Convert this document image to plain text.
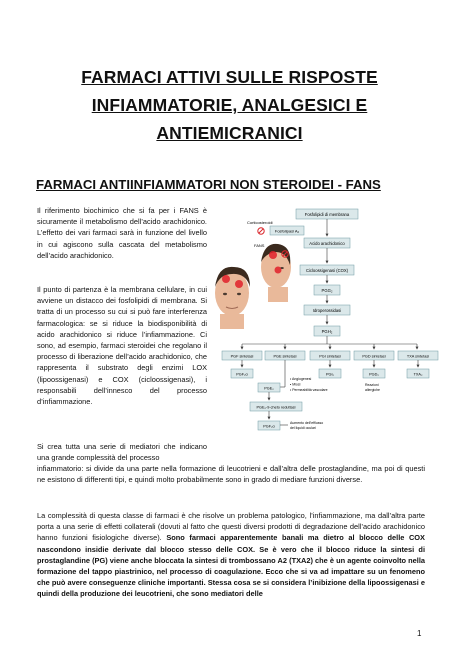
FARMACI ATTIVI SULLE RISPOSTE
INFIAMMATORIE, ANALGESICI E
ANTIEMICRANICI
FARMACI ANTIINFIAMMATORI NON STEROIDEI - FANS

Il riferimento biochimico che si fa per i FANS è sicuramente il metabolismo dell’acido arachidonico. L’effetto dei vari farmaci sarà in funzione del livello in cui agiscono sulla cascata del metabolismo dell’acido arachidonico.

Il punto di partenza è la membrana cellulare, in cui avviene un distacco dei fosfolipidi di membrana. Si tratta di un processo su cui si può fare interferenza farmacologica: se si riduce la biodisponibilità di acido arachidonico si riduce l’infiammazione. Ci sono, ad esempio, farmaci steroidei che regolano il processo di liberazione dell’acido arachidonico, che rappresenta il substrato degli enzimi LOX (lipoossigenasi) e COX (cicloossigenasi), i responsabili dell’innesco del processo d’infiammazione.

Si crea tutta una serie di mediatori che indicano una grande complessità del processo

infiammatorio: si divide da una parte nella formazione di leucotrieni e dall’altra delle prostaglandine, ma poi di questi ne esistono di differenti tipi, e quindi molto probabilmente sono in grado di mediare funzioni diverse.

La complessità di questa classe di farmaci è che risolve un problema patologico, l’infiammazione, ma dall’altra parte porta a una serie di effetti collaterali (dovuti al fatto che questi diversi prodotti di degradazione dell’acido arachidonico hanno funzioni fisiologiche diverse). Sono farmaci apparentemente banali ma dietro al blocco delle COX nascondono insidie derivate dal blocco stesso delle COX. Se è vero che il blocco riduce la sintesi di prostaglandine (PG) viene anche bloccata la sintesi di trombossano A2 (TXA2) che è un agente coinvolto nella formazione del tappo piastrinico, nel processo di coagulazione. Ecco che si va ad impattare su un fenomeno che può avere conseguenze cliniche importanti. Stessa cosa se si considera l’inibizione della lipoossigenasi e quindi della produzione dei leucotrieni, che sono mediatori delle

Fosfolipidi di membrana
Corticosteroidi
Fosfolipasi A₂
FANS	Acido arachidonico
Cicloossigenasi (COX)
PGG₂
Idroperossidasi
PGH₂
PGF sintetasi	PGE sintetasi	PGI sintetasi	PGD sintetasi	TXA sintetasi
PGF₂α	PGI₂	PGD₂	TXA₂
Reazioni
allergiche
PGE₂
• Angiogenesi
• Miosi
• Permeabilità vascolare
PGE₂-9-cheto reduttasi
PGF₂α
Aumento dell’efflusso
del liquidi oculari
1
